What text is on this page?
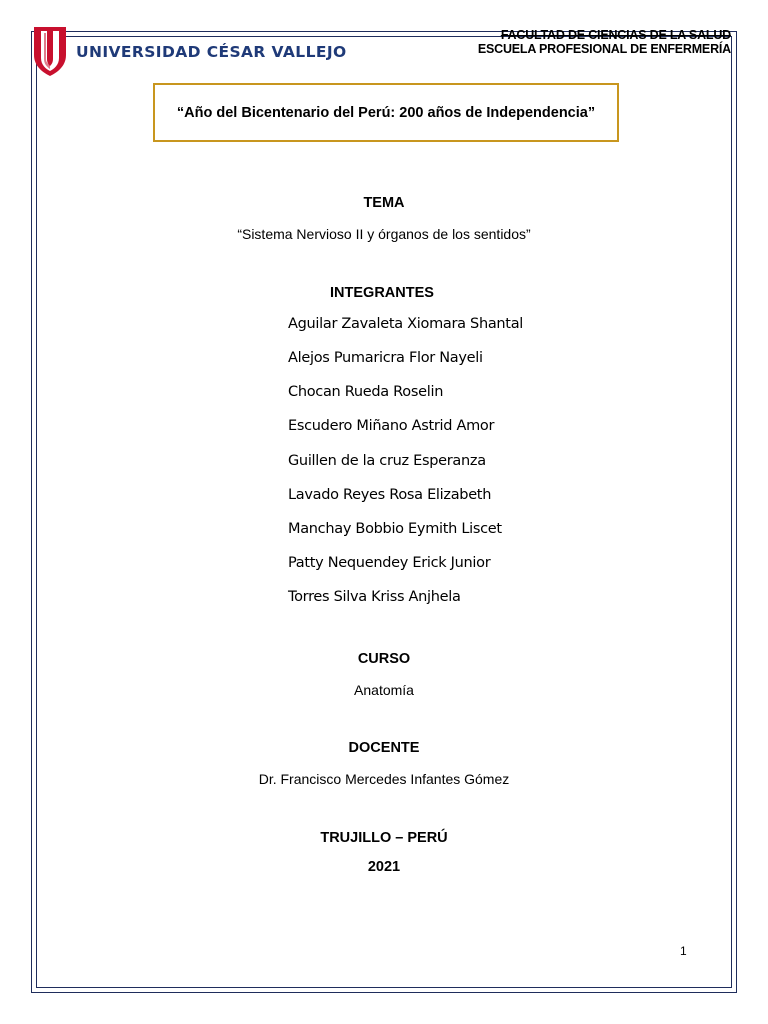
UNIVERSIDAD CÉSAR VALLEJO
FACULTAD DE CIENCIAS DE LA SALUD
ESCUELA PROFESIONAL DE ENFERMERÍA
“Año del Bicentenario del Perú: 200 años de Independencia”
TEMA
“Sistema Nervioso II y órganos de los sentidos”
INTEGRANTES
Aguilar Zavaleta Xiomara Shantal
Alejos Pumaricra Flor Nayeli
Chocan Rueda Roselin
Escudero Miñano Astrid Amor
Guillen de la cruz Esperanza
Lavado Reyes Rosa Elizabeth
Manchay Bobbio Eymith Liscet
Patty Nequendey Erick Junior
Torres Silva Kriss Anjhela
CURSO
Anatomía
DOCENTE
Dr. Francisco Mercedes Infantes Gómez
TRUJILLO – PERÚ
2021
1
